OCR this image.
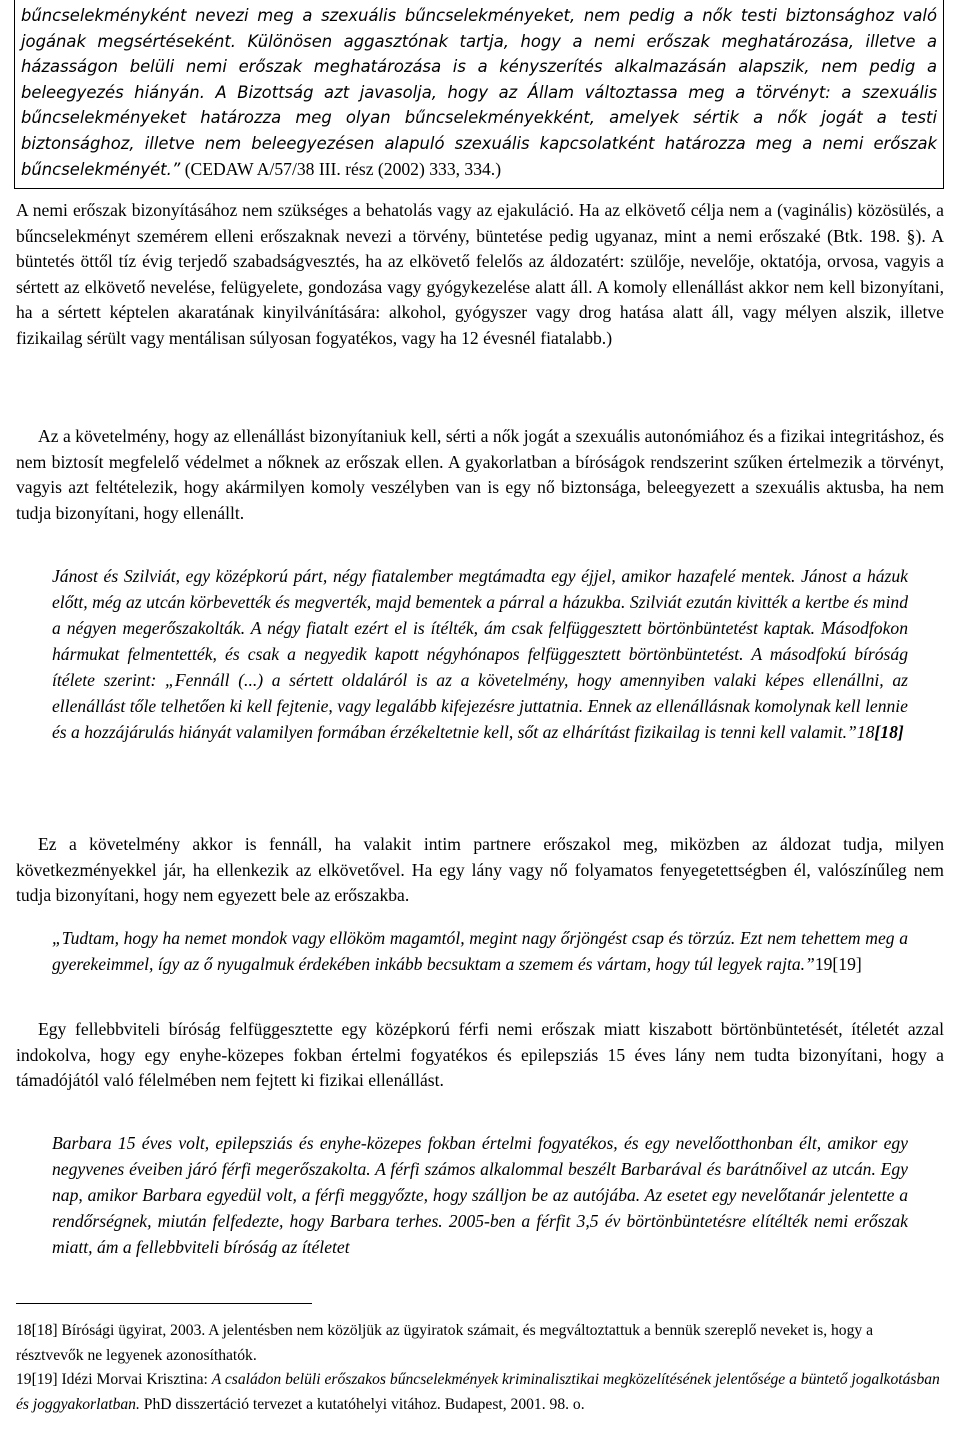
bűncselekményként nevezi meg a szexuális bűncselekményeket, nem pedig a nők testi biztonsághoz való jogának megsértéseként. Különösen aggasztónak tartja, hogy a nemi erőszak meghatározása, illetve a házasságon belüli nemi erőszak meghatározása is a kényszerítés alkalmazásán alapszik, nem pedig a beleegyezés hiányán. A Bizottság azt javasolja, hogy az Állam változtassa meg a törvényt: a szexuális bűncselekményeket határozza meg olyan bűncselekményekként, amelyek sértik a nők jogát a testi biztonsághoz, illetve nem beleegyezésen alapuló szexuális kapcsolatként határozza meg a nemi erőszak bűncselekményét.” (CEDAW A/57/38 III. rész (2002) 333, 334.)

A nemi erőszak bizonyításához nem szükséges a behatolás vagy az ejakuláció. Ha az elkövető célja nem a (vaginális) közösülés, a bűncselekményt szemérem elleni erőszaknak nevezi a törvény, büntetése pedig ugyanaz, mint a nemi erőszaké (Btk. 198. §). A büntetés öttől tíz évig terjedő szabadságvesztés, ha az elkövető felelős az áldozatért: szülője, nevelője, oktatója, orvosa, vagyis a sértett az elkövető nevelése, felügyelete, gondozása vagy gyógykezelése alatt áll. A komoly ellenállást akkor nem kell bizonyítani, ha a sértett képtelen akaratának kinyilvánítására: alkohol, gyógyszer vagy drog hatása alatt áll, vagy mélyen alszik, illetve fizikailag sérült vagy mentálisan súlyosan fogyatékos, vagy ha 12 évesnél fiatalabb.)

Az a követelmény, hogy az ellenállást bizonyítaniuk kell, sérti a nők jogát a szexuális autonómiához és a fizikai integritáshoz, és nem biztosít megfelelő védelmet a nőknek az erőszak ellen. A gyakorlatban a bíróságok rendszerint szűken értelmezik a törvényt, vagyis azt feltételezik, hogy akármilyen komoly veszélyben van is egy nő biztonsága, beleegyezett a szexuális aktusba, ha nem tudja bizonyítani, hogy ellenállt.

Jánost és Szilviát, egy középkorú párt, négy fiatalember megtámadta egy éjjel, amikor hazafelé mentek. Jánost a házuk előtt, még az utcán körbevették és megverték, majd bementek a párral a házukba. Szilviát ezután kivitték a kertbe és mind a négyen megerőszakolták. A négy fiatalt ezért el is ítélték, ám csak felfüggesztett börtönbüntetést kaptak. Másodfokon hármukat felmentették, és csak a negyedik kapott négyhónapos felfüggesztett börtönbüntetést. A másodfokú bíróság ítélete szerint: „Fennáll (...) a sértett oldaláról is az a követelmény, hogy amennyiben valaki képes ellenállni, az ellenállást tőle telhetően ki kell fejtenie, vagy legalább kifejezésre juttatnia. Ennek az ellenállásnak komolynak kell lennie és a hozzájárulás hiányát valamilyen formában érzékeltetnie kell, sőt az elhárítást fizikailag is tenni kell valamit.”18[18]

Ez a követelmény akkor is fennáll, ha valakit intim partnere erőszakol meg, miközben az áldozat tudja, milyen következményekkel jár, ha ellenkezik az elkövetővel. Ha egy lány vagy nő folyamatos fenyegetettségben él, valószínűleg nem tudja bizonyítani, hogy nem egyezett bele az erőszakba.

„Tudtam, hogy ha nemet mondok vagy ellököm magamtól, megint nagy őrjöngést csap és törzúz. Ezt nem tehettem meg a gyerekeimmel, így az ő nyugalmuk érdekében inkább becsuktam a szemem és vártam, hogy túl legyek rajta.”19[19]

Egy fellebbviteli bíróság felfüggesztette egy középkorú férfi nemi erőszak miatt kiszabott börtönbüntetését, ítéletét azzal indokolva, hogy egy enyhe-közepes fokban értelmi fogyatékos és epilepsziás 15 éves lány nem tudta bizonyítani, hogy a támadójától való félelmében nem fejtett ki fizikai ellenállást.

Barbara 15 éves volt, epilepsziás és enyhe-közepes fokban értelmi fogyatékos, és egy nevelőotthonban élt, amikor egy negyvenes éveiben járó férfi megerőszakolta. A férfi számos alkalommal beszélt Barbarával és barátnőivel az utcán. Egy nap, amikor Barbara egyedül volt, a férfi meggyőzte, hogy szálljon be az autójába. Az esetet egy nevelőtanár jelentette a rendőrségnek, miután felfedezte, hogy Barbara terhes. 2005-ben a férfit 3,5 év börtönbüntetésre elítélték nemi erőszak miatt, ám a fellebbviteli bíróság az ítéletet

18[18] Bírósági ügyirat, 2003. A jelentésben nem közöljük az ügyiratok számait, és megváltoztattuk a bennük szereplő neveket is, hogy a résztvevők ne legyenek azonosíthatók.

19[19] Idézi Morvai Krisztina: A családon belüli erőszakos bűncselekmények kriminalisztikai megközelítésének jelentősége a büntető jogalkotásban és joggyakorlatban. PhD disszertáció tervezet a kutatóhelyi vitához. Budapest, 2001. 98. o.
